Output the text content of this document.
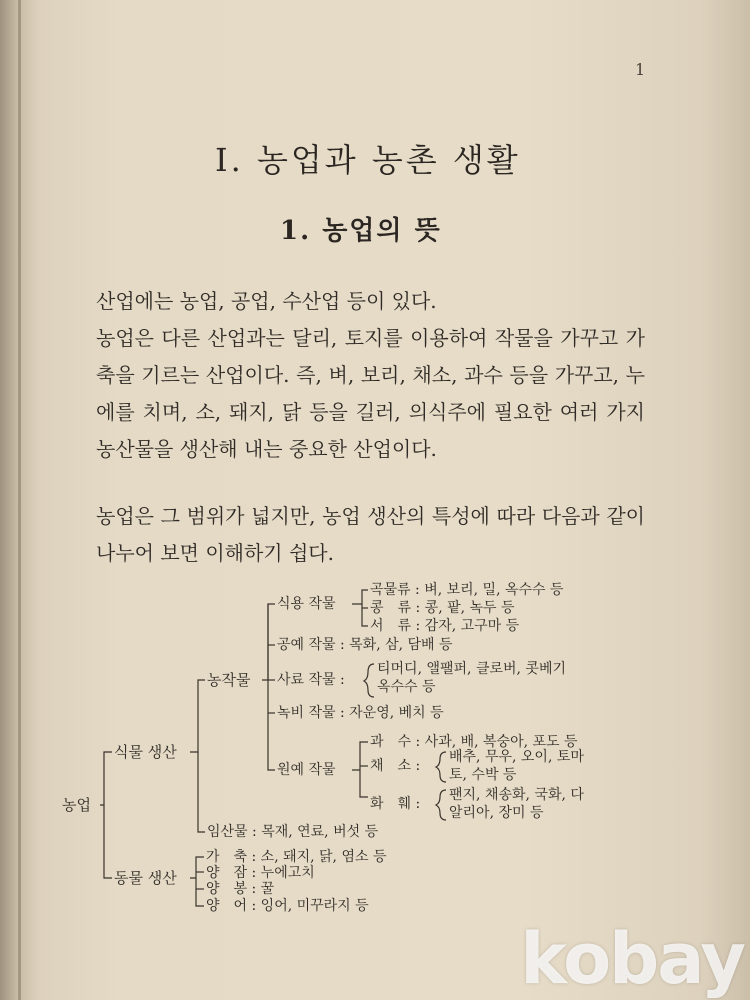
1
Ⅰ. 농업과 농촌 생활
1. 농업의 뜻
산업에는 농업, 공업, 수산업 등이 있다.
농업은 다른 산업과는 달리, 토지를 이용하여 작물을 가꾸고 가축을 기르는 산업이다. 즉, 벼, 보리, 채소, 과수 등을 가꾸고, 누에를 치며, 소, 돼지, 닭 등을 길러, 의식주에 필요한 여러 가지 농산물을 생산해 내는 중요한 산업이다.
농업은 그 범위가 넓지만, 농업 생산의 특성에 따라 다음과 같이 나누어 보면 이해하기 쉽다.
농업
식물 생산
동물 생산
농작물
임산물 : 목재, 연료, 버섯 등
식용 작물
곡물류 : 벼, 보리, 밀, 옥수수 등
콩　류 : 콩, 팥, 녹두 등
서　류 : 감자, 고구마 등
공예 작물 : 목화, 삼, 담배 등
사료 작물 :
티머디, 앨팰퍼, 클로버, 콧베기
옥수수 등
녹비 작물 : 자운영, 베치 등
원예 작물
과　수 : 사과, 배, 복숭아, 포도 등
채　소 :
배추, 무우, 오이, 토마
토, 수박 등
화　훼 :
팬지, 채송화, 국화, 다
알리아, 장미 등
가　축 : 소, 돼지, 닭, 염소 등
양　잠 : 누에고치
양　봉 : 꿀
양　어 : 잉어, 미꾸라지 등
kobay
